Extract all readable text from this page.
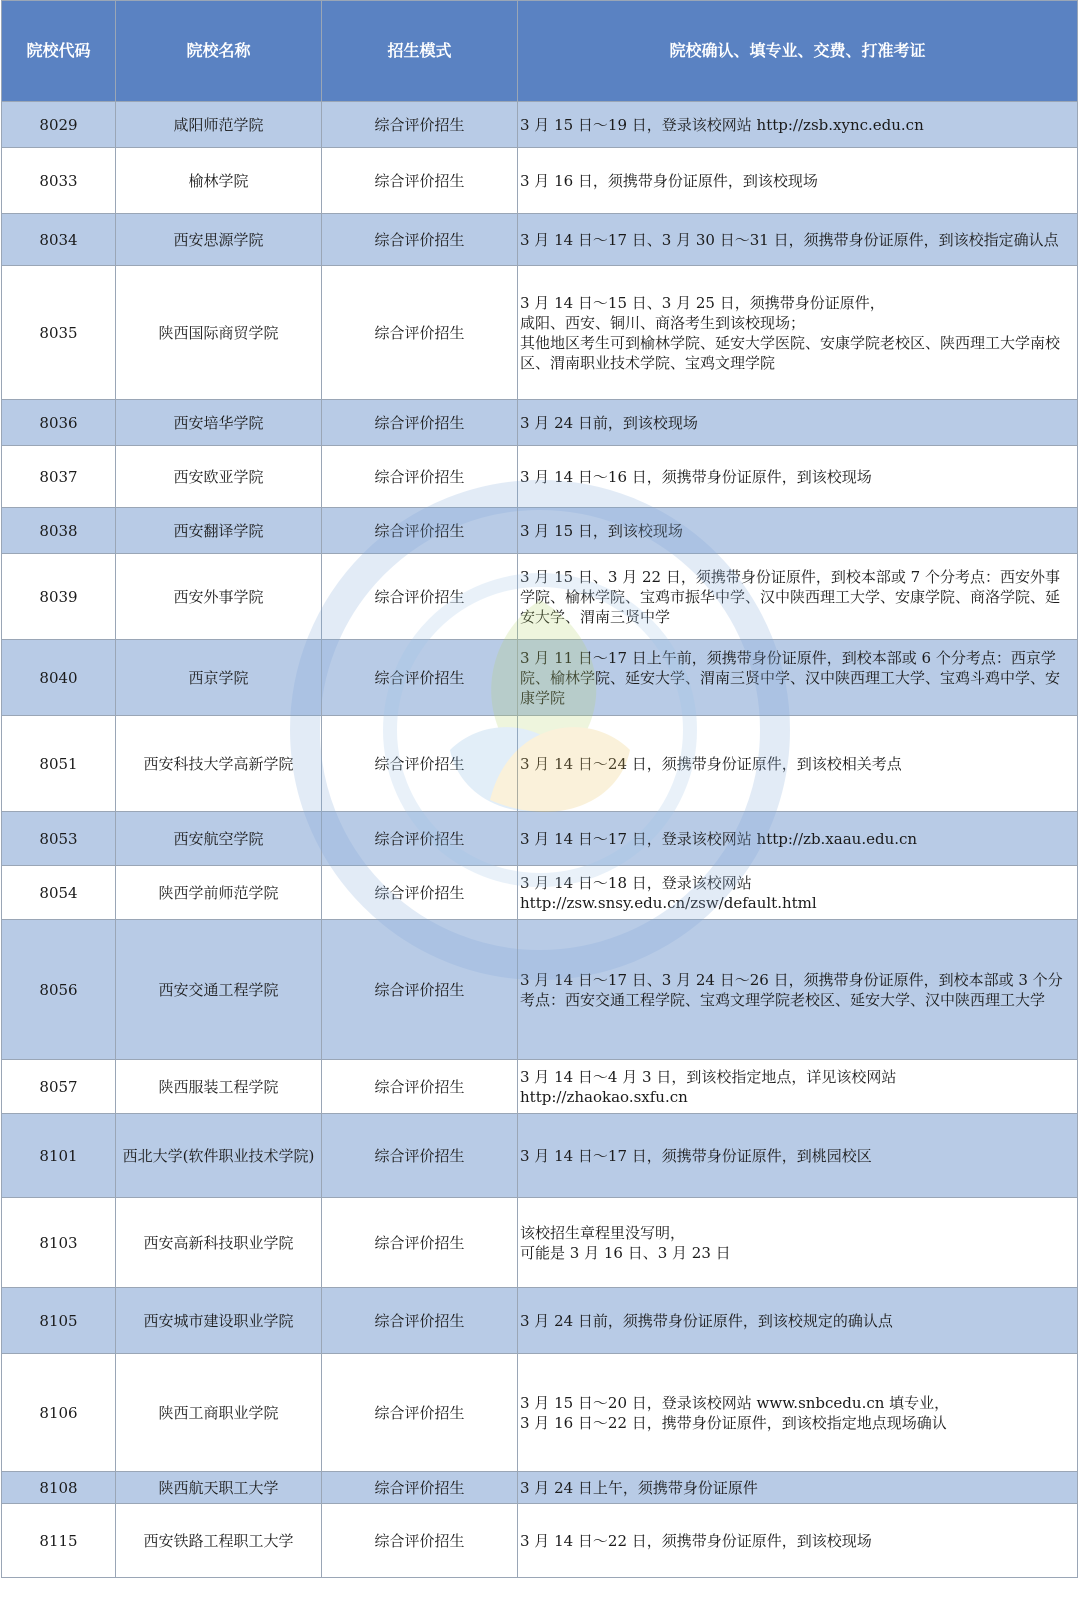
院校代码	院校名称	招生模式	院校确认、填专业、交费、打准考证
8029	咸阳师范学院	综合评价招生	3 月 15 日～19 日，登录该校网站 http://zsb.xync.edu.cn

8033	榆林学院	综合评价招生	3 月 16 日，须携带身份证原件，到该校现场

8034	西安思源学院	综合评价招生	3 月 14 日～17 日、3 月 30 日～31 日，须携带身份证原件，到该校指定确认点

8035	陕西国际商贸学院	综合评价招生	3 月 14 日～15 日、3 月 25 日，须携带身份证原件，
咸阳、西安、铜川、商洛考生到该校现场；
其他地区考生可到榆林学院、延安大学医院、安康学院老校区、陕西理工大学南校区、渭南职业技术学院、宝鸡文理学院

8036	西安培华学院	综合评价招生	3 月 24 日前，到该校现场

8037	西安欧亚学院	综合评价招生	3 月 14 日～16 日，须携带身份证原件，到该校现场

8038	西安翻译学院	综合评价招生	3 月 15 日，到该校现场

8039	西安外事学院	综合评价招生	3 月 15 日、3 月 22 日，须携带身份证原件，到校本部或 7 个分考点：西安外事学院、榆林学院、宝鸡市振华中学、汉中陕西理工大学、安康学院、商洛学院、延安大学、渭南三贤中学

8040	西京学院	综合评价招生	3 月 11 日～17 日上午前，须携带身份证原件，到校本部或 6 个分考点：西京学院、榆林学院、延安大学、渭南三贤中学、汉中陕西理工大学、宝鸡斗鸡中学、安康学院

8051	西安科技大学高新学院	综合评价招生	3 月 14 日～24 日，须携带身份证原件，到该校相关考点

8053	西安航空学院	综合评价招生	3 月 14 日～17 日，登录该校网站 http://zb.xaau.edu.cn

8054	陕西学前师范学院	综合评价招生	3 月 14 日～18 日，登录该校网站
http://zsw.snsy.edu.cn/zsw/default.html

8056	西安交通工程学院	综合评价招生	3 月 14 日～17 日、3 月 24 日～26 日，须携带身份证原件，到校本部或 3 个分考点：西安交通工程学院、宝鸡文理学院老校区、延安大学、汉中陕西理工大学

8057	陕西服装工程学院	综合评价招生	3 月 14 日～4 月 3 日，到该校指定地点，详见该校网站
http://zhaokao.sxfu.cn

8101	西北大学(软件职业技术学院)	综合评价招生	3 月 14 日～17 日，须携带身份证原件，到桃园校区

8103	西安高新科技职业学院	综合评价招生	该校招生章程里没写明，
可能是 3 月 16 日、3 月 23 日

8105	西安城市建设职业学院	综合评价招生	3 月 24 日前，须携带身份证原件，到该校规定的确认点

8106	陕西工商职业学院	综合评价招生	3 月 15 日～20 日，登录该校网站 www.snbcedu.cn 填专业，
3 月 16 日～22 日，携带身份证原件，到该校指定地点现场确认

8108	陕西航天职工大学	综合评价招生	3 月 24 日上午，须携带身份证原件

8115	西安铁路工程职工大学	综合评价招生	3 月 14 日～22 日，须携带身份证原件，到该校现场
